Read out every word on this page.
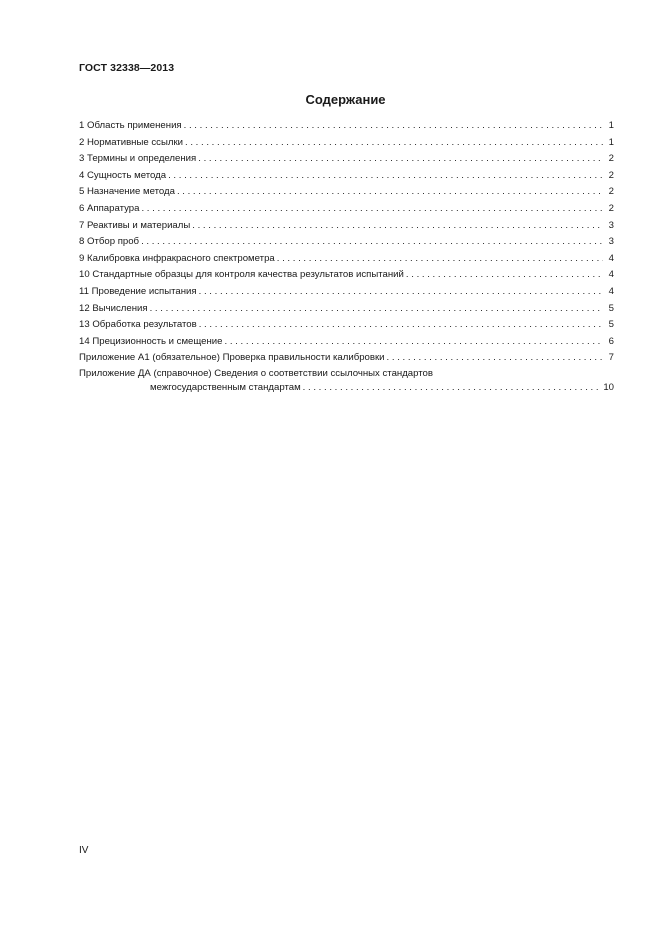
ГОСТ 32338—2013
Содержание
1 Область применения . . .	1
2 Нормативные ссылки . . .	1
3 Термины и определения . . .	2
4 Сущность метода . . .	2
5 Назначение метода . . .	2
6 Аппаратура . . .	2
7 Реактивы и материалы . . .	3
8 Отбор проб . . .	3
9 Калибровка инфракрасного спектрометра . . .	4
10 Стандартные образцы для контроля качества результатов испытаний . . .	4
11 Проведение испытания . . .	4
12 Вычисления . . .	5
13 Обработка результатов . . .	5
14 Прецизионность и смещение . . .	6
Приложение А1 (обязательное) Проверка правильности калибровки . . .	7
Приложение ДА (справочное) Сведения о соответствии ссылочных стандартов
межгосударственным стандартам . . .	10
IV
